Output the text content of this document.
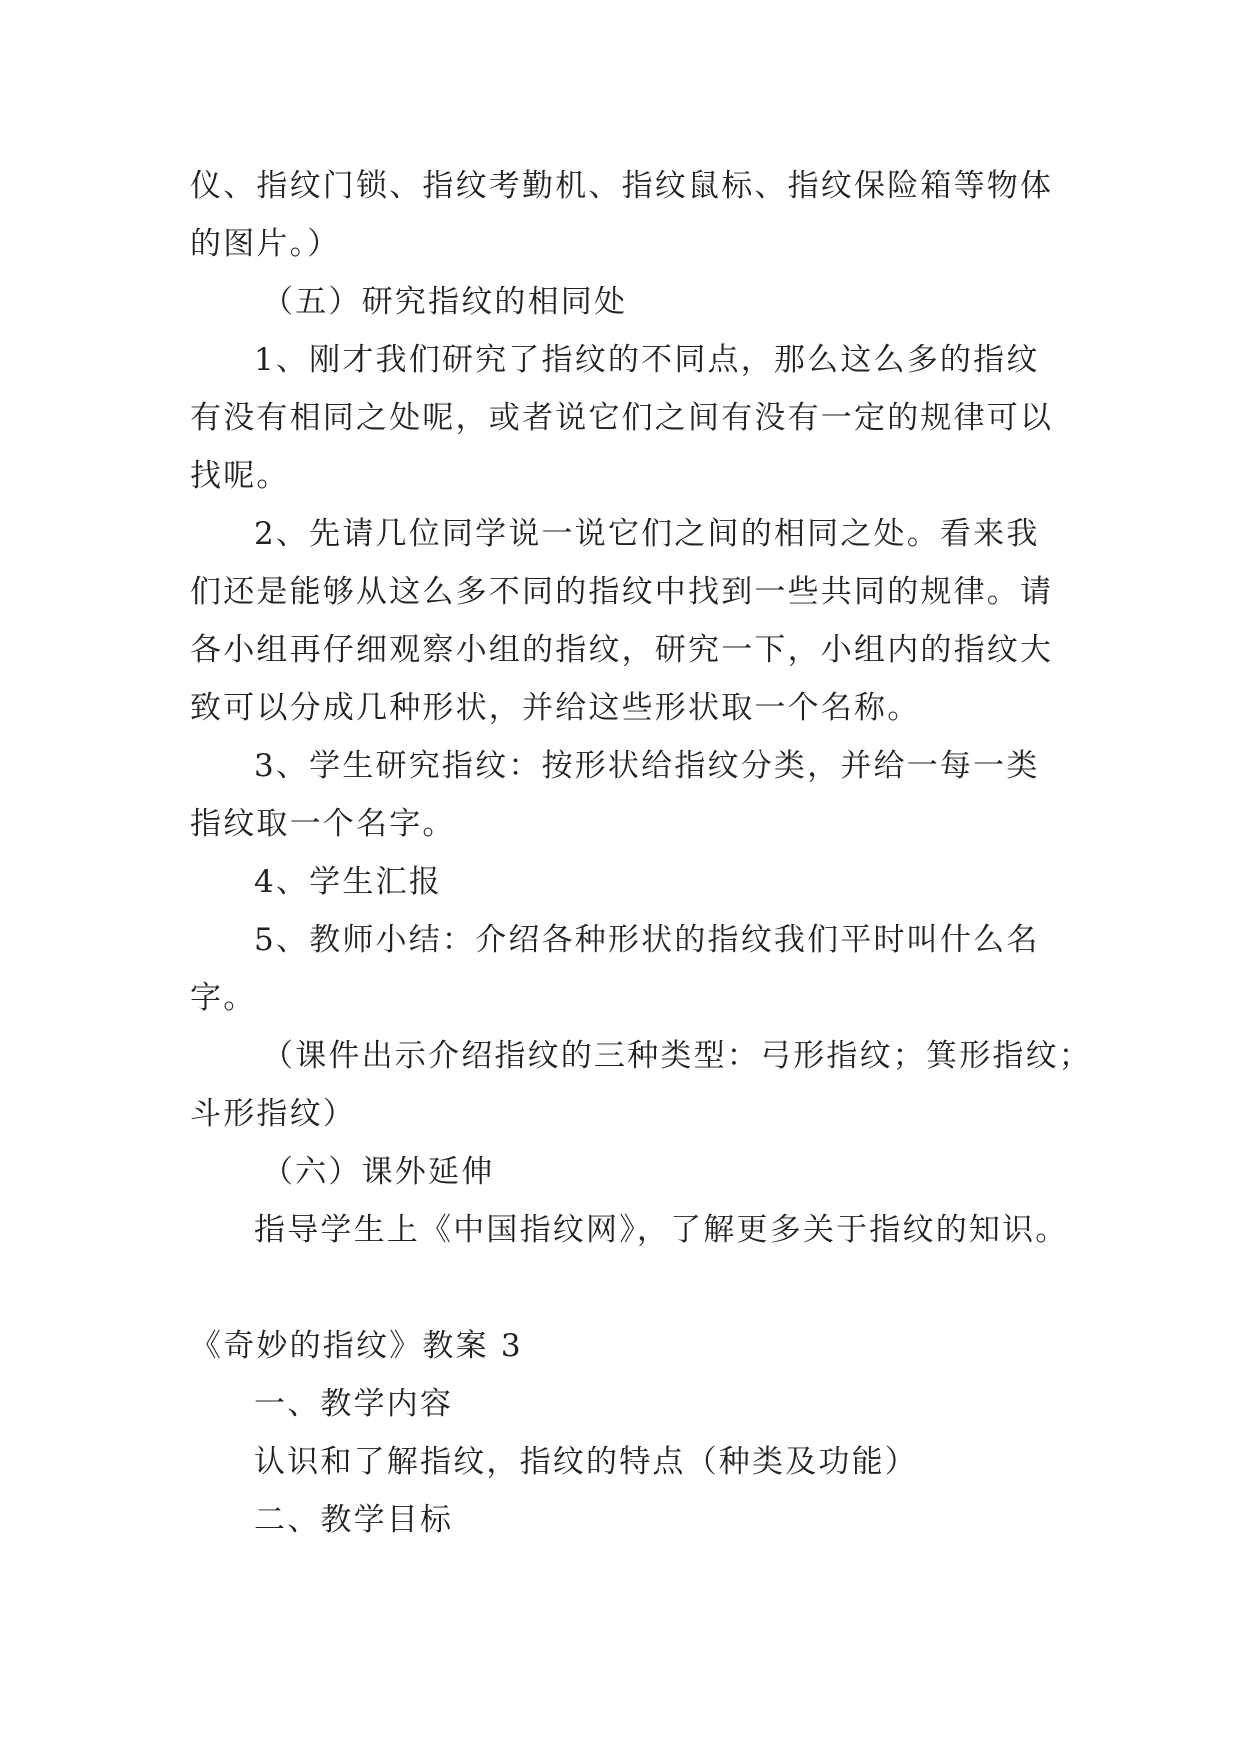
仪、指纹门锁、指纹考勤机、指纹鼠标、指纹保险箱等物体
的图片。）
（五）研究指纹的相同处
1、刚才我们研究了指纹的不同点，那么这么多的指纹
有没有相同之处呢，或者说它们之间有没有一定的规律可以
找呢。
2、先请几位同学说一说它们之间的相同之处。看来我
们还是能够从这么多不同的指纹中找到一些共同的规律。请
各小组再仔细观察小组的指纹，研究一下，小组内的指纹大
致可以分成几种形状，并给这些形状取一个名称。
3、学生研究指纹：按形状给指纹分类，并给一每一类
指纹取一个名字。
4、学生汇报
5、教师小结：介绍各种形状的指纹我们平时叫什么名
字。
（课件出示介绍指纹的三种类型：弓形指纹；箕形指纹；
斗形指纹）
（六）课外延伸
指导学生上《中国指纹网》，了解更多关于指纹的知识。
《奇妙的指纹》教案 3
一、教学内容
认识和了解指纹，指纹的特点（种类及功能）
二、教学目标
